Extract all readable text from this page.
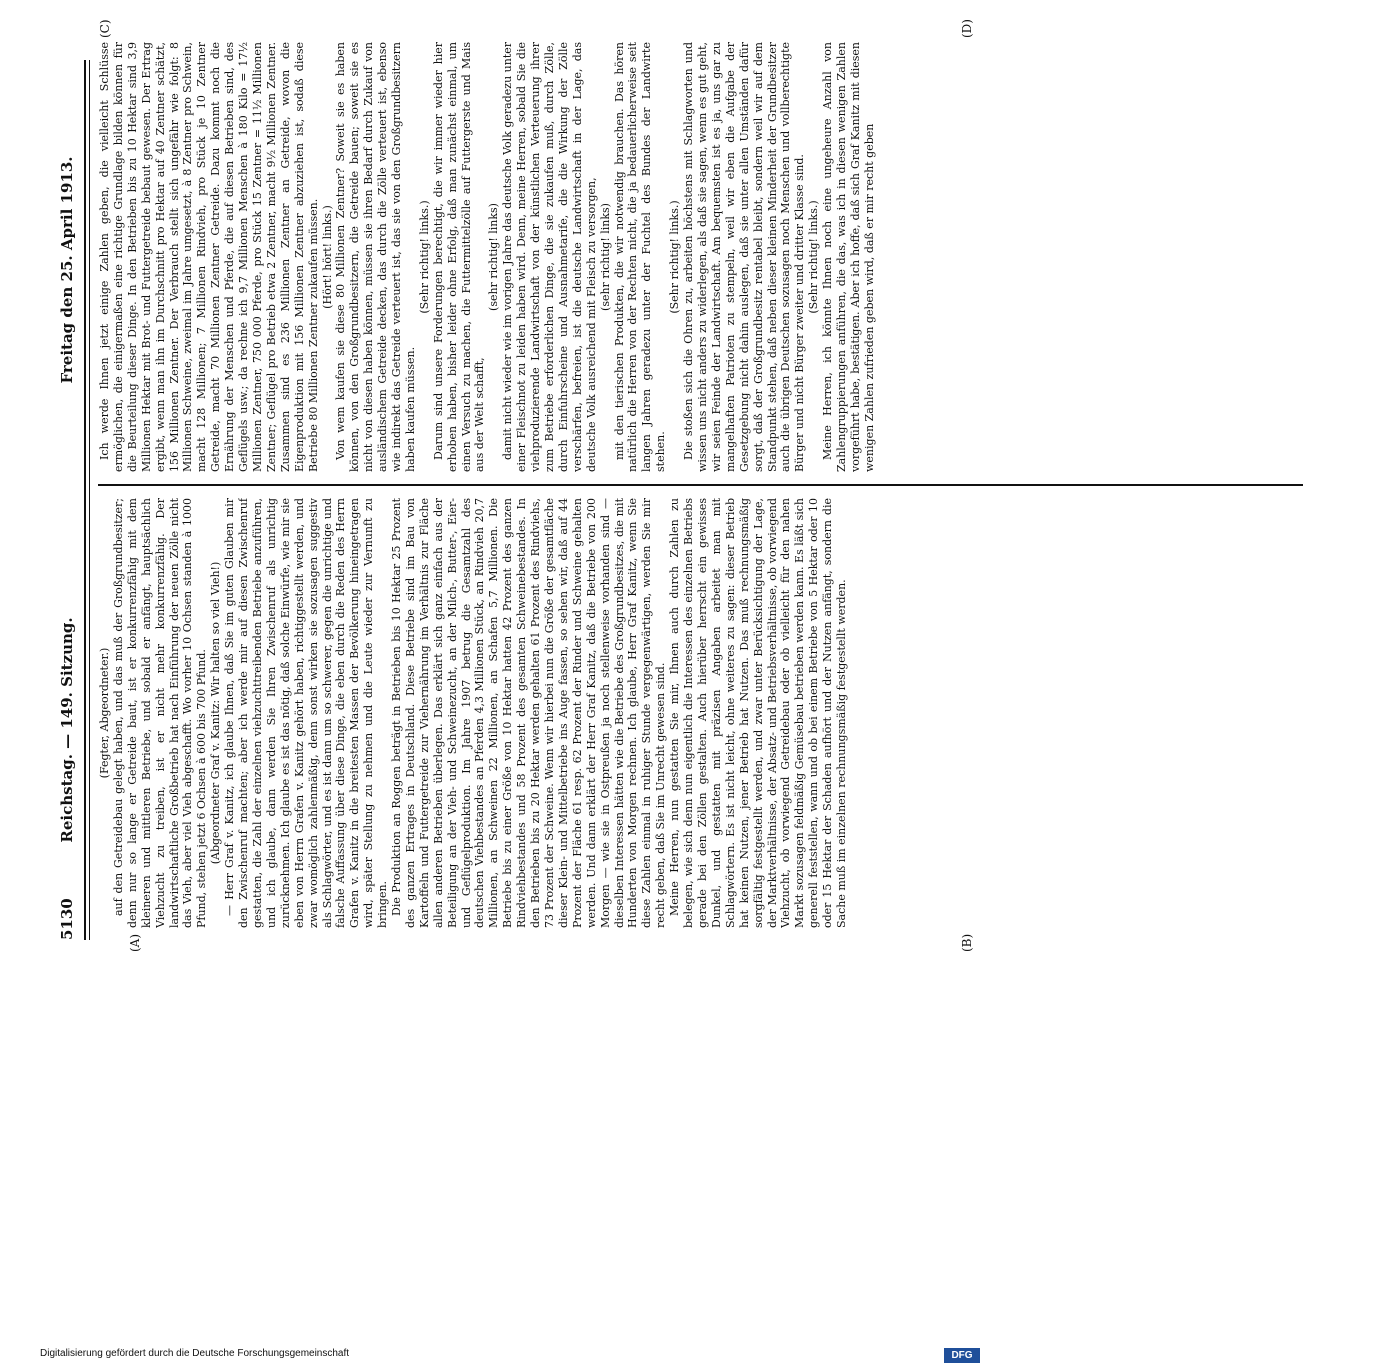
5130
Reichstag. — 149. Sitzung.
Freitag den 25. April 1913.
(A)	(B)
(C)	(D)

(Fegter, Abgeordneter.) auf den Getreidebau gelegt haben, und das muß der Großgrundbesitzer; denn nur so lange er Getreide baut, ist er konkurrenzfähig mit dem kleineren und mittleren Betriebe, und sobald er anfängt, hauptsächlich Viehzucht zu treiben, ist er nicht mehr konkurrenzfähig. Der landwirtschaftliche Großbetrieb hat nach Einführung der neuen Zölle nicht das Vieh, aber viel Vieh abgeschafft. Wo vorher 10 Ochsen standen à 1000 Pfund, stehen jetzt 6 Ochsen à 600 bis 700 Pfund. (Abgeordneter Graf v. Kanitz: Wir halten so viel Vieh!) — Herr Graf v. Kanitz, ich glaube Ihnen, daß Sie im guten Glauben mir den Zwischenruf machten; aber ich werde mir auf diesen Zwischenruf gestatten, die Zahl der einzelnen viehzuchttreibenden Betriebe anzuführen, und ich glaube, dann werden Sie Ihren Zwischenruf als unrichtig zurücknehmen. Ich glaube es ist das nötig, daß solche Einwürfe, wie mir sie eben von Herrn Grafen v. Kanitz gehört haben, richtiggestellt werden, und zwar womöglich zahlenmäßig, denn sonst wirken sie sozusagen suggestiv als Schlagwörter, und es ist dann um so schwerer, gegen die unrichtige und falsche Auffassung über diese Dinge, die eben durch die Reden des Herrn Grafen v. Kanitz in die breitesten Massen der Bevölkerung hineingetragen wird, später Stellung zu nehmen und die Leute wieder zur Vernunft zu bringen. Die Produktion an Roggen beträgt in Betrieben bis 10 Hektar 25 Prozent des ganzen Ertrages in Deutschland. Diese Betriebe sind im Bau von Kartoffeln und Futtergetreide zur Viehernährung im Verhältnis zur Fläche allen anderen Betrieben überlegen. Das erklärt sich ganz einfach aus der Beteiligung an der Vieh- und Schweinezucht, an der Milch-, Butter-, Eier- und Geflügelproduktion. Im Jahre 1907 betrug die Gesamtzahl des deutschen Viehbestandes an Pferden 4,3 Millionen Stück, an Rindvieh 20,7 Millionen, an Schweinen 22 Millionen, an Schafen 5,7 Millionen. Die Betriebe bis zu einer Größe von 10 Hektar hatten 42 Prozent des ganzen Rindviehbestandes und 58 Prozent des gesamten Schweinebestandes. In den Betrieben bis zu 20 Hektar werden gehalten 61 Prozent des Rindviehs, 73 Prozent der Schweine. Wenn wir hierbei nun die Größe der gesamtfläche dieser Klein- und Mittelbetriebe ins Auge fassen, so sehen wir, daß auf 44 Prozent der Fläche 61 resp. 62 Prozent der Rinder und Schweine gehalten werden. Und dann erklärt der Herr Graf Kanitz, daß die Betriebe von 200 Morgen — wie sie in Ostpreußen ja noch stellenweise vorhanden sind — dieselben Interessen hätten wie die Betriebe des Großgrundbesitzes, die mit Hunderten von Morgen rechnen. Ich glaube, Herr Graf Kanitz, wenn Sie diese Zahlen einmal in ruhiger Stunde vergegenwärtigen, werden Sie mir recht geben, daß Sie im Unrecht gewesen sind. Meine Herren, nun gestatten Sie mir, Ihnen auch durch Zahlen zu belegen, wie sich denn nun eigentlich die Interessen des einzelnen Betriebs gerade bei den Zöllen gestalten. Auch hierüber herrscht ein gewisses Dunkel, und gestatten mit präzisen Angaben arbeitet man mit Schlagwörtern. Es ist nicht leicht, ohne weiteres zu sagen: dieser Betrieb hat keinen Nutzen, jener Betrieb hat Nutzen. Das muß rechnungsmäßig sorgfältig festgestellt werden, und zwar unter Berücksichtigung der Lage, der Marktverhältnisse, der Absatz- und Betriebsverhältnisse, ob vorwiegend Viehzucht, ob vorwiegend Getreidebau oder ob vielleicht für den nahen Markt sozusagen feldmäßig Gemüsebau betrieben werden kann. Es läßt sich generell feststellen, wann und ob bei einem Betriebe von 5 Hektar oder 10 oder 15 Hektar der Schaden aufhört und der Nutzen anfängt, sondern die Sache muß im einzelnen rechnungsmäßig festgestellt werden.

Ich werde Ihnen jetzt einige Zahlen geben, die vielleicht Schlüsse ermöglichen, die einigermaßen eine richtige Grundlage bilden können für die Beurteilung dieser Dinge. In den Betrieben bis zu 10 Hektar sind 3,9 Millionen Hektar mit Brot- und Futtergetreide bebaut gewesen. Der Ertrag ergibt, wenn man ihn im Durchschnitt pro Hektar auf 40 Zentner schätzt, 156 Millionen Zentner. Der Verbrauch stellt sich ungefähr wie folgt: 8 Millionen Schweine, zweimal im Jahre umgesetzt, à 8 Zentner pro Schwein, macht 128 Millionen; 7 Millionen Rindvieh, pro Stück je 10 Zentner Getreide, macht 70 Millionen Zentner Getreide. Dazu kommt noch die Ernährung der Menschen und Pferde, die auf diesen Betrieben sind, des Geflügels usw.; da rechne ich 9,7 Millionen Menschen à 180 Kilo = 17½ Millionen Zentner, 750 000 Pferde, pro Stück 15 Zentner = 11½ Millionen Zentner; Geflügel pro Betrieb etwa 2 Zentner, macht 9½ Millionen Zentner. Zusammen sind es 236 Millionen Zentner an Getreide, wovon die Eigenproduktion mit 156 Millionen Zentner abzuziehen ist, sodaß diese Betriebe 80 Millionen Zentner zukaufen müssen. (Hört! hört! links.) Von wem kaufen sie diese 80 Millionen Zentner? Soweit sie es haben können, von den Großgrundbesitzern, die Getreide bauen; soweit sie es nicht von diesen haben können, müssen sie ihren Bedarf durch Zukauf von ausländischem Getreide decken, das durch die Zölle verteuert ist, ebenso wie indirekt das Getreide verteuert ist, das sie von den Großgrundbesitzern haben kaufen müssen.

(Sehr richtig! links.) Darum sind unsere Forderungen berechtigt, die wir immer wieder hier erhoben haben, bisher leider ohne Erfolg, daß man zunächst einmal, um einen Versuch zu machen, die Futtermittelzölle auf Futtergerste und Mais aus der Welt schafft,

(sehr richtig! links) damit nicht wieder wie im vorigen Jahre das deutsche Volk geradezu unter einer Fleischnot zu leiden haben wird. Denn, meine Herren, sobald Sie die viehproduzierende Landwirtschaft von der künstlichen Verteuerung ihrer zum Betriebe erforderlichen Dinge, die sie zukaufen muß, durch Zölle, durch Einfuhrscheine und Ausnahmetarife, die die Wirkung der Zölle verschärfen, befreien, ist die deutsche Landwirtschaft in der Lage, das deutsche Volk ausreichend mit Fleisch zu versorgen, (sehr richtig! links) mit den tierischen Produkten, die wir notwendig brauchen. Das hören natürlich die Herren von der Rechten nicht, die ja bedauerlicherweise seit langen Jahren geradezu unter der Fuchtel des Bundes der Landwirte stehen.

(Sehr richtig! links.) Die stoßen sich die Ohren zu, arbeiten höchstens mit Schlagworten und wissen uns nicht anders zu widerlegen, als daß sie sagen, wenn es gut geht, wir seien Feinde der Landwirtschaft. Am bequemsten ist es ja, uns gar zu mangelhaften Patrioten zu stempeln, weil wir eben die Aufgabe der Gesetzgebung nicht dahin auslegen, daß sie unter allen Umständen dafür sorgt, daß der Großgrundbesitz rentabel bleibt, sondern weil wir auf dem Standpunkt stehen, daß neben dieser kleinen Minderheit der Grundbesitzer auch die übrigen Deutschen sozusagen noch Menschen und vollberechtigte Bürger und nicht Bürger zweiter und dritter Klasse sind. (Sehr richtig! links.) Meine Herren, ich könnte Ihnen noch eine ungeheure Anzahl von Zahlengruppierungen anführen, die das, was ich in diesen wenigen Zahlen vorgeführt habe, bestätigen. Aber ich hoffe, daß sich Graf Kanitz mit diesen wenigen Zahlen zufrieden geben wird, daß er mir recht geben

Digitalisierung gefördert durch die Deutsche Forschungsgemeinschaft	DFG
